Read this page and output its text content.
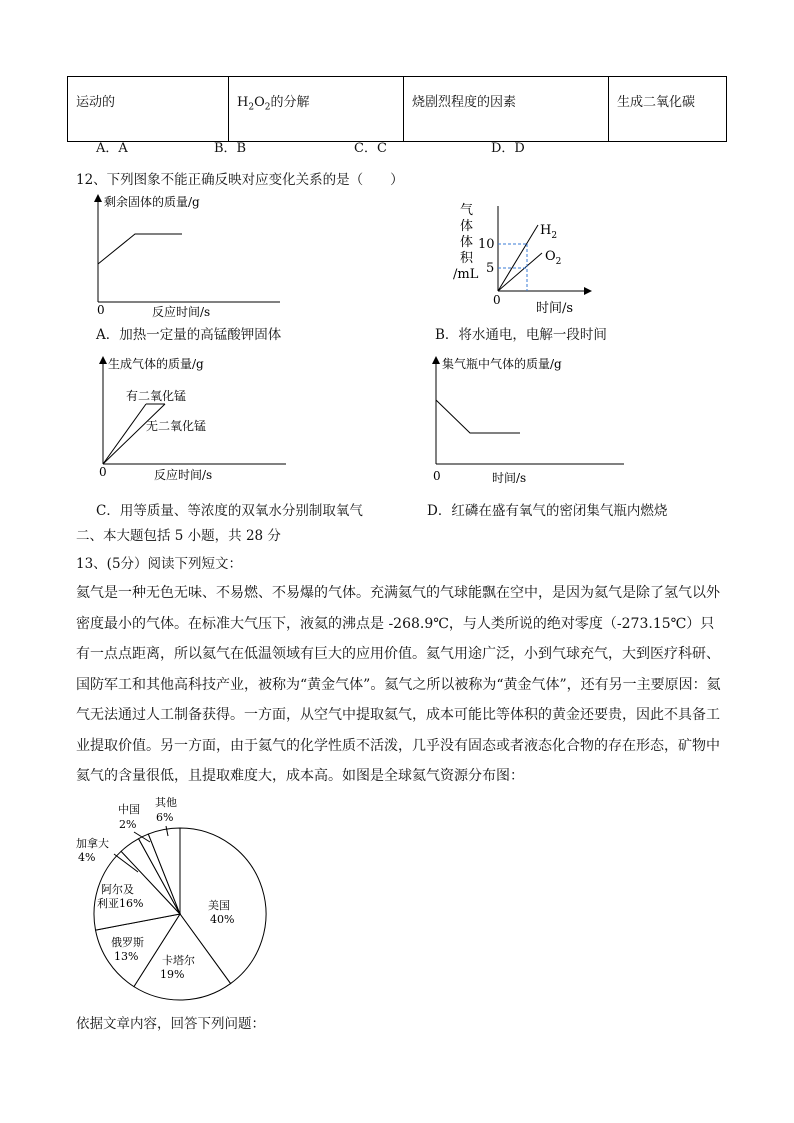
运动的	$H_2O_2$的分解	烧剧烈程度的因素	生成二氧化碳
A．A	B．B	C．C	D．D
12、下列图象不能正确反映对应变化关系的是（　　）
剩余固体的质量/g
0	反应时间/s
A．加热一定量的高锰酸钾固体
气
体
体
积
/mL
10
5
0
时间/s
$H_2$
$O_2$
B．将水通电，电解一段时间
生成气体的质量/g
有二氧化锰
无二氧化锰
0	反应时间/s
C．用等质量、等浓度的双氧水分别制取氧气
集气瓶中气体的质量/g
0	时间/s
D．红磷在盛有氧气的密闭集气瓶内燃烧
二、本大题包括 5 小题，共 28 分
13、(5分）阅读下列短文：
氦气是一种无色无味、不易燃、不易爆的气体。充满氦气的气球能飘在空中，是因为氦气是除了氢气以外密度最小的气体。在标准大气压下，液氦的沸点是 -268.9℃，与人类所说的绝对零度（-273.15℃）只有一点点距离，所以氦气在低温领域有巨大的应用价值。氦气用途广泛，小到气球充气，大到医疗科研、国防军工和其他高科技产业，被称为“黄金气体”。氦气之所以被称为“黄金气体”，还有另一主要原因：氦气无法通过人工制备获得。一方面，从空气中提取氦气，成本可能比等体积的黄金还要贵，因此不具备工业提取价值。另一方面，由于氦气的化学性质不活泼，几乎没有固态或者液态化合物的存在形态，矿物中氦气的含量很低，且提取难度大，成本高。如图是全球氦气资源分布图：
美国
40%
卡塔尔
19%
俄罗斯
13%
阿尔及
利亚16%
加拿大
4%
中国
2%
其他
6%
依据文章内容，回答下列问题：
